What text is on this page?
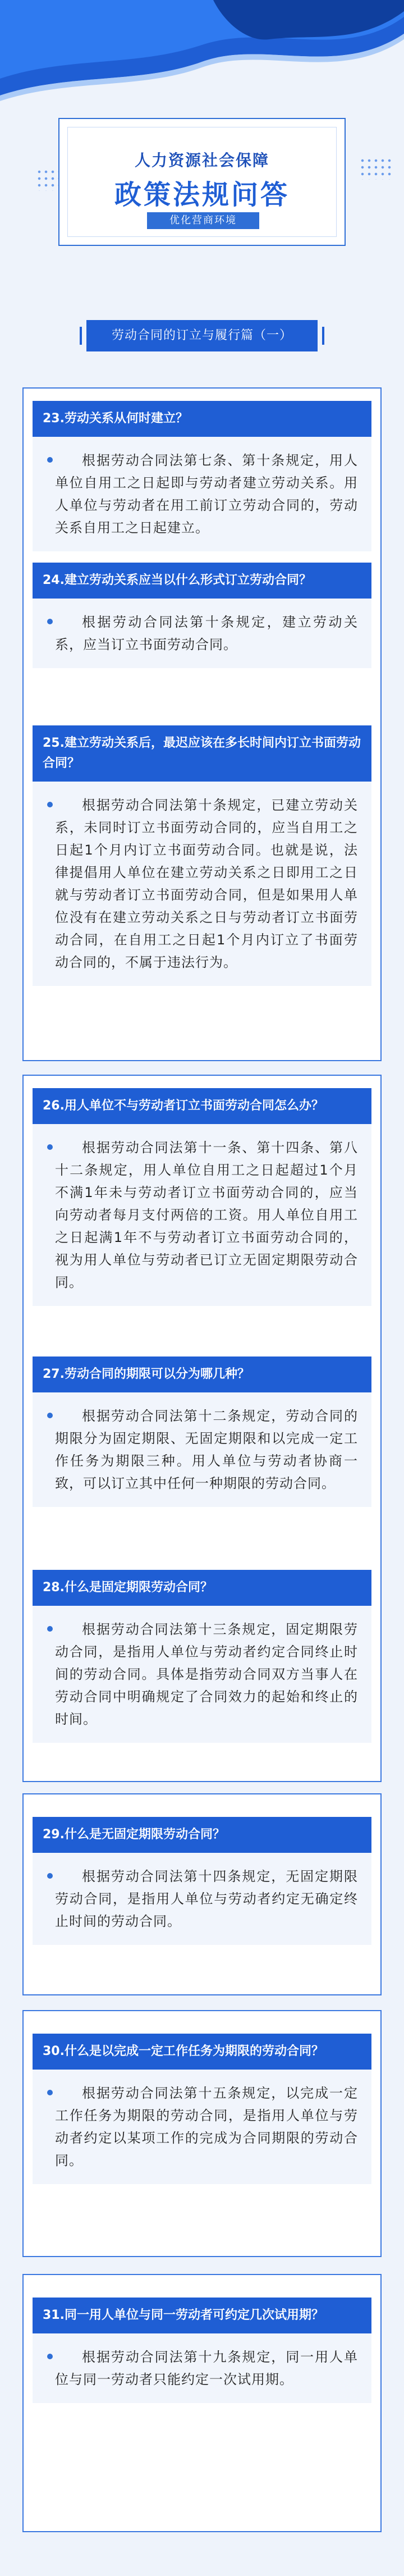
人力资源社会保障
政策法规问答
优化营商环境
劳动合同的订立与履行篇（一）
23.劳动关系从何时建立？

根据劳动合同法第七条、第十条规定，用人单位自用工之日起即与劳动者建立劳动关系。用人单位与劳动者在用工前订立劳动合同的，劳动关系自用工之日起建立。

24.建立劳动关系应当以什么形式订立劳动合同？

根据劳动合同法第十条规定，建立劳动关系，应当订立书面劳动合同。

25.建立劳动关系后，最迟应该在多长时间内订立书面劳动合同？

根据劳动合同法第十条规定，已建立劳动关系，未同时订立书面劳动合同的，应当自用工之日起1个月内订立书面劳动合同。也就是说，法律提倡用人单位在建立劳动关系之日即用工之日就与劳动者订立书面劳动合同，但是如果用人单位没有在建立劳动关系之日与劳动者订立书面劳动合同，在自用工之日起1个月内订立了书面劳动合同的，不属于违法行为。

26.用人单位不与劳动者订立书面劳动合同怎么办？

根据劳动合同法第十一条、第十四条、第八十二条规定，用人单位自用工之日起超过1个月不满1年未与劳动者订立书面劳动合同的，应当向劳动者每月支付两倍的工资。用人单位自用工之日起满1年不与劳动者订立书面劳动合同的，视为用人单位与劳动者已订立无固定期限劳动合同。

27.劳动合同的期限可以分为哪几种？

根据劳动合同法第十二条规定，劳动合同的期限分为固定期限、无固定期限和以完成一定工作任务为期限三种。用人单位与劳动者协商一致，可以订立其中任何一种期限的劳动合同。

28.什么是固定期限劳动合同？

根据劳动合同法第十三条规定，固定期限劳动合同，是指用人单位与劳动者约定合同终止时间的劳动合同。具体是指劳动合同双方当事人在劳动合同中明确规定了合同效力的起始和终止的时间。

29.什么是无固定期限劳动合同？

根据劳动合同法第十四条规定，无固定期限劳动合同，是指用人单位与劳动者约定无确定终止时间的劳动合同。

30.什么是以完成一定工作任务为期限的劳动合同？

根据劳动合同法第十五条规定，以完成一定工作任务为期限的劳动合同，是指用人单位与劳动者约定以某项工作的完成为合同期限的劳动合同。

31.同一用人单位与同一劳动者可约定几次试用期？

根据劳动合同法第十九条规定，同一用人单位与同一劳动者只能约定一次试用期。
